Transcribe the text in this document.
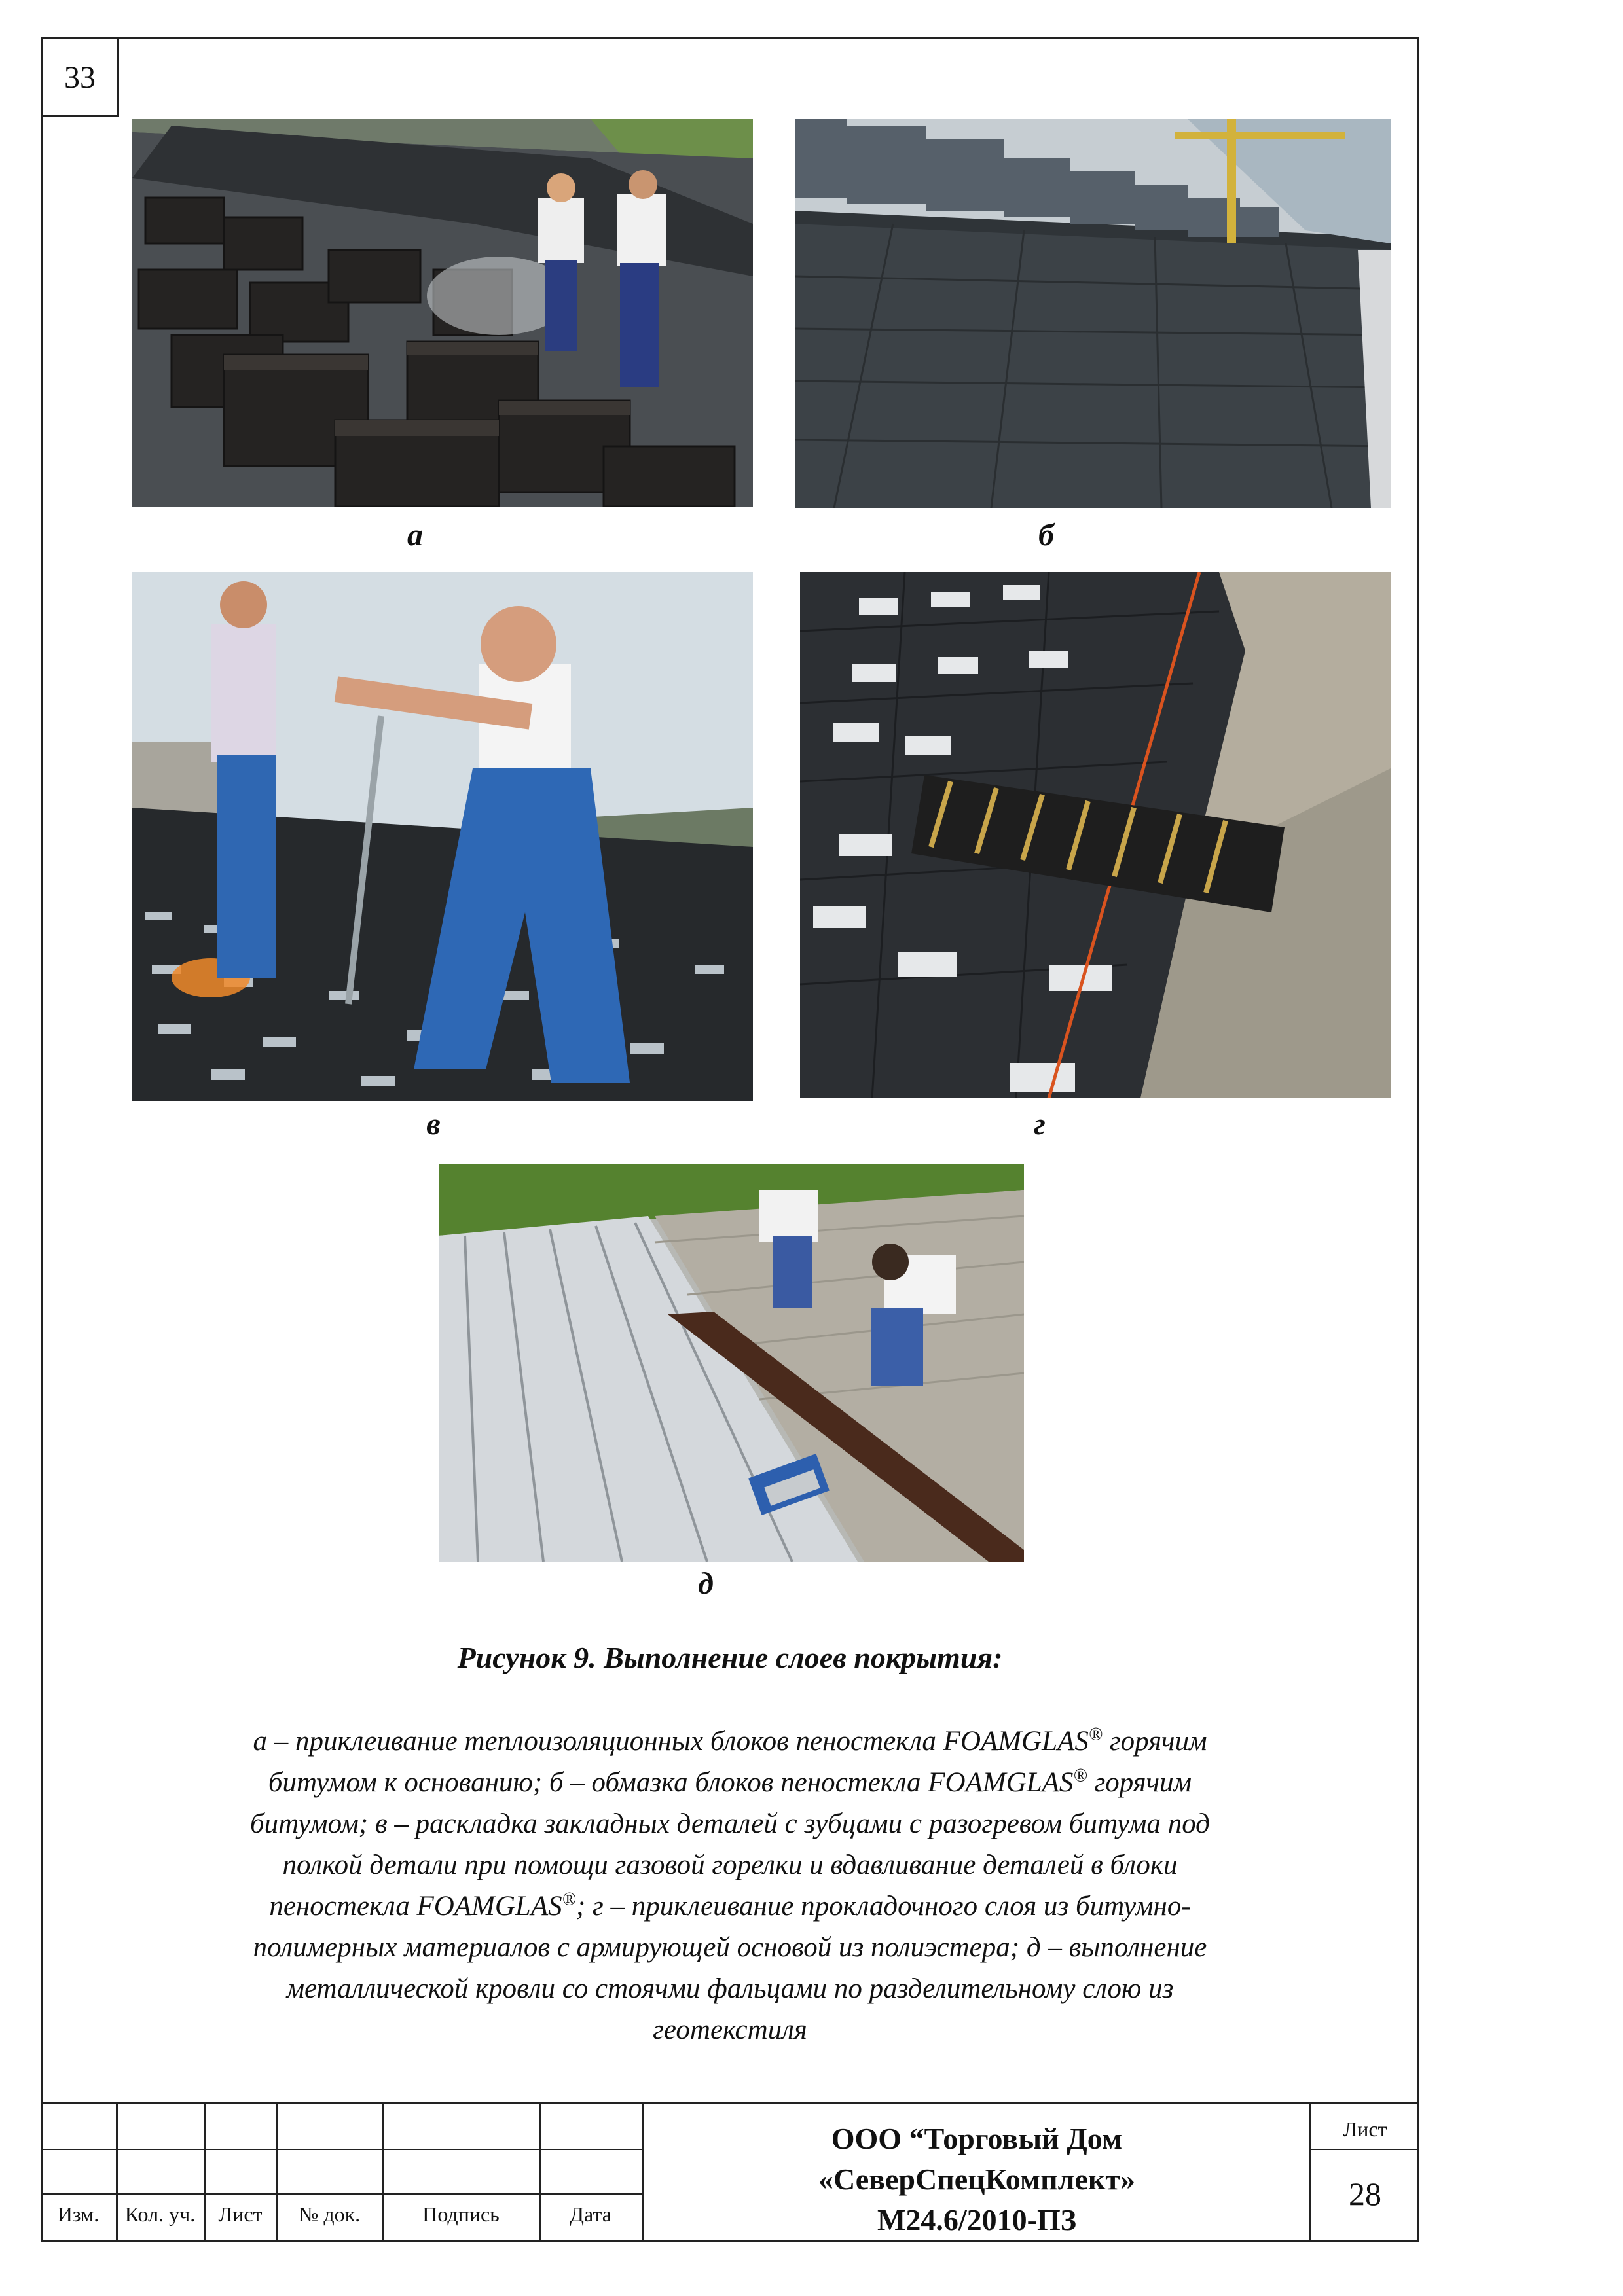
33
а	б
в	г
д
Рисунок 9. Выполнение слоев покрытия:
а – приклеивание теплоизоляционных блоков пеностекла FOAMGLAS® горячим
битумом к основанию; б – обмазка блоков пеностекла FOAMGLAS® горячим
битумом; в – раскладка закладных деталей с зубцами с разогревом битума под
полкой детали при помощи газовой горелки и вдавливание деталей в блоки
пеностекла FOAMGLAS®; г – приклеивание прокладочного слоя из битумно-
полимерных материалов с армирующей основой из полиэстера; д – выполнение
металлической кровли со стоячми фальцами по разделительному слою из
геотекстиля
Изм.	Кол. уч.	Лист	№ док.	Подпись	Дата
ООО “Торговый Дом
«СеверСпецКомплект»
М24.6/2010-ПЗ
Лист
28
